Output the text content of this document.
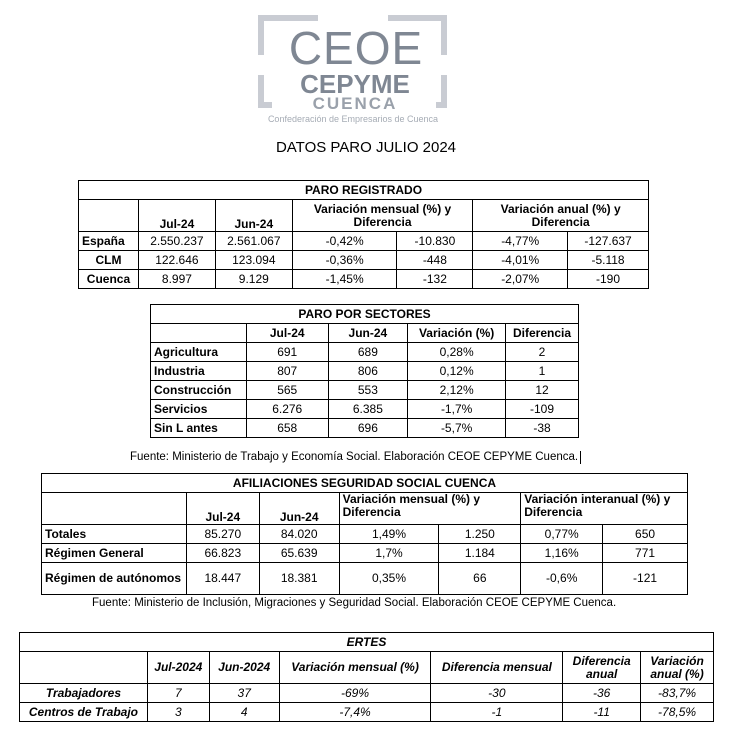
CEOE
CEPYME
CUENCA
Confederación de Empresarios de Cuenca
DATOS PARO JULIO 2024
PARO REGISTRADO						
	Jul-24	Jun-24	Variación mensual (%) y Diferencia		Variación anual (%) y Diferencia	
España	2.550.237	2.561.067	-0,42%	-10.830	-4,77%	-127.637
CLM	122.646	123.094	-0,36%	-448	-4,01%	-5.118
Cuenca	8.997	9.129	-1,45%	-132	-2,07%	-190
PARO POR SECTORES				
	Jul-24	Jun-24	Variación (%)	Diferencia
Agricultura	691	689	0,28%	2
Industria	807	806	0,12%	1
Construcción	565	553	2,12%	12
Servicios	6.276	6.385	-1,7%	-109
Sin L antes	658	696	-5,7%	-38
Fuente: Ministerio de Trabajo y Economía Social. Elaboración CEOE CEPYME Cuenca.
AFILIACIONES SEGURIDAD SOCIAL CUENCA						
	Jul-24	Jun-24	Variación mensual (%) y Diferencia		Variación interanual (%) y Diferencia	
Totales	85.270	84.020	1,49%	1.250	0,77%	650
Régimen General	66.823	65.639	1,7%	1.184	1,16%	771
Régimen de autónomos	18.447	18.381	0,35%	66	-0,6%	-121
Fuente: Ministerio de Inclusión, Migraciones y Seguridad Social. Elaboración CEOE CEPYME Cuenca.
ERTES						
	Jul-2024	Jun-2024	Variación mensual (%)	Diferencia mensual	Diferencia anual	Variación anual (%)
Trabajadores	7	37	-69%	-30	-36	-83,7%
Centros de Trabajo	3	4	-7,4%	-1	-11	-78,5%
